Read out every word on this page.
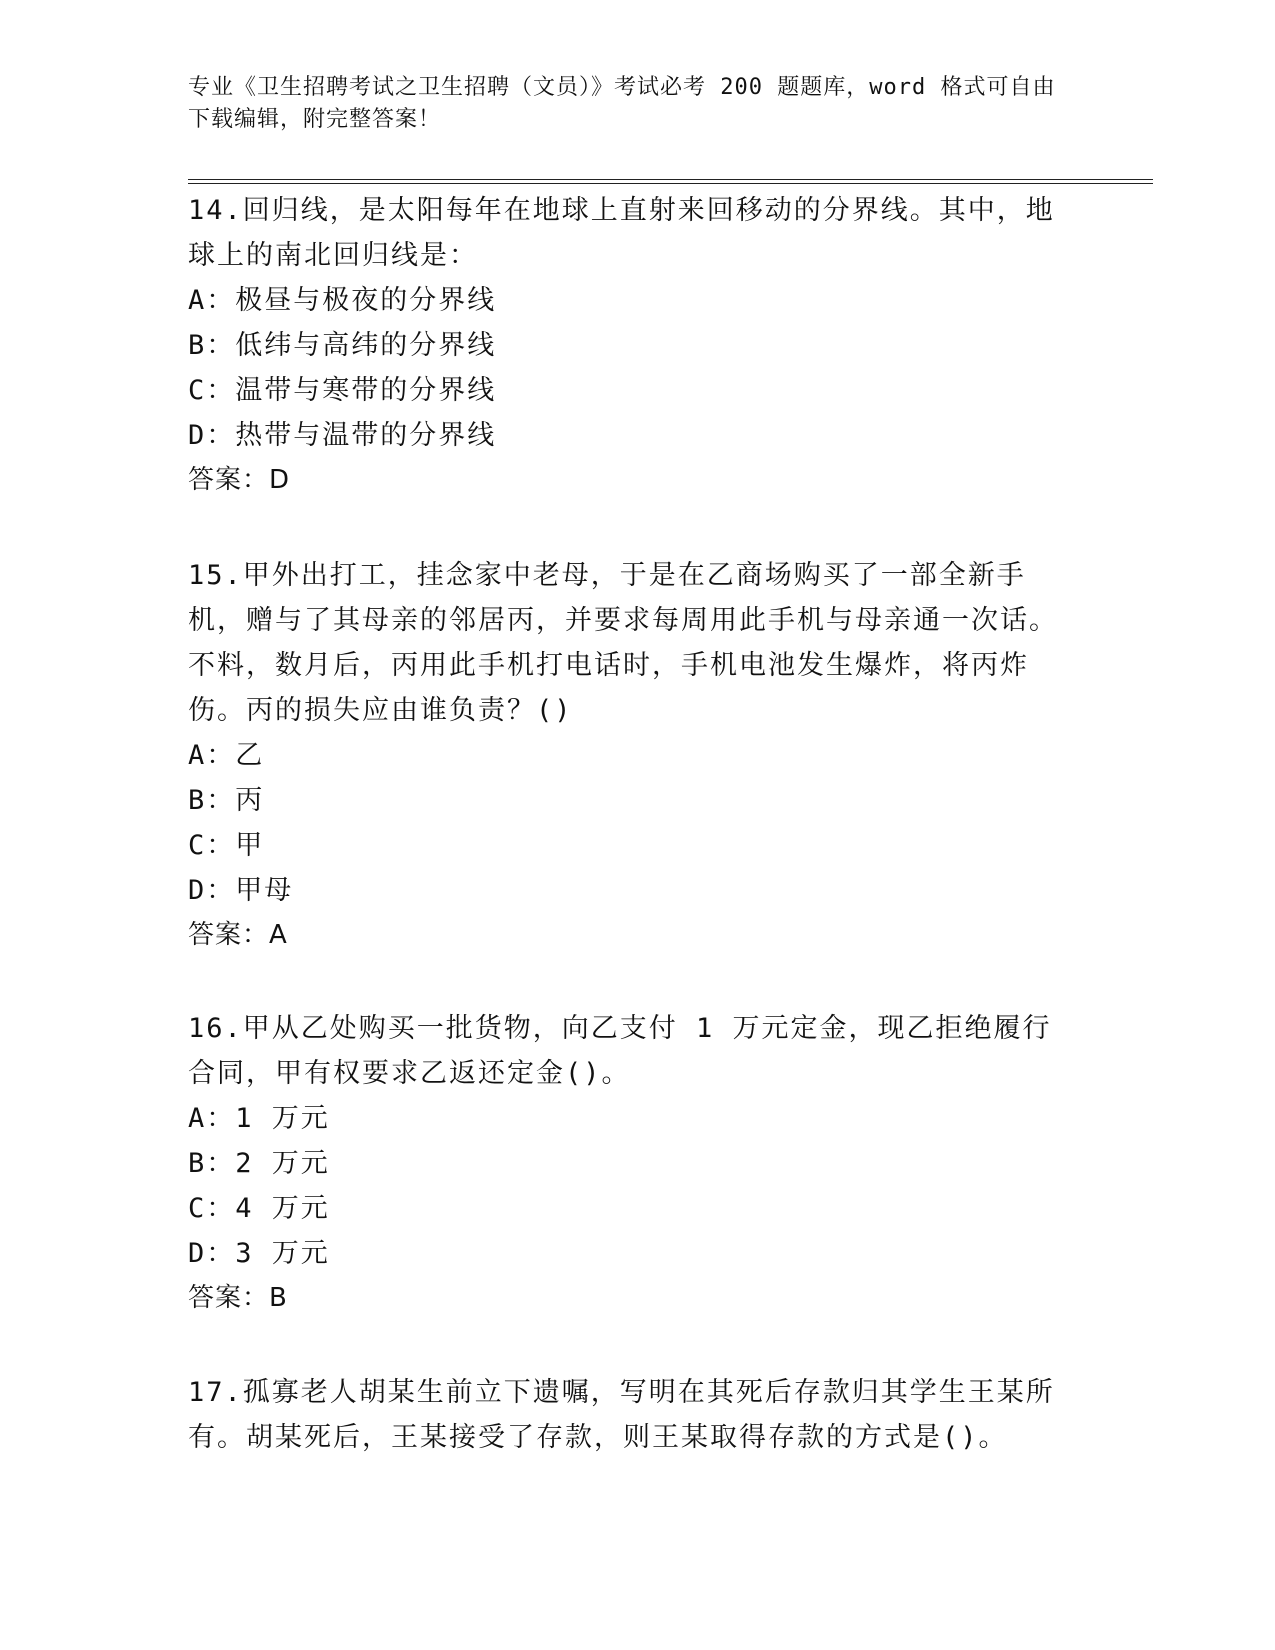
专业《卫生招聘考试之卫生招聘（文员）》考试必考 200 题题库，word 格式可自由下载编辑，附完整答案！

14.回归线，是太阳每年在地球上直射来回移动的分界线。其中，地球上的南北回归线是：

A：极昼与极夜的分界线

B：低纬与高纬的分界线

C：温带与寒带的分界线

D：热带与温带的分界线

答案：D

15.甲外出打工，挂念家中老母，于是在乙商场购买了一部全新手机，赠与了其母亲的邻居丙，并要求每周用此手机与母亲通一次话。不料，数月后，丙用此手机打电话时，手机电池发生爆炸，将丙炸伤。丙的损失应由谁负责？()

A：乙

B：丙

C：甲

D：甲母

答案：A

16.甲从乙处购买一批货物，向乙支付 1 万元定金，现乙拒绝履行合同，甲有权要求乙返还定金()。

A：1 万元

B：2 万元

C：4 万元

D：3 万元

答案：B

17.孤寡老人胡某生前立下遗嘱，写明在其死后存款归其学生王某所有。胡某死后，王某接受了存款，则王某取得存款的方式是()。
